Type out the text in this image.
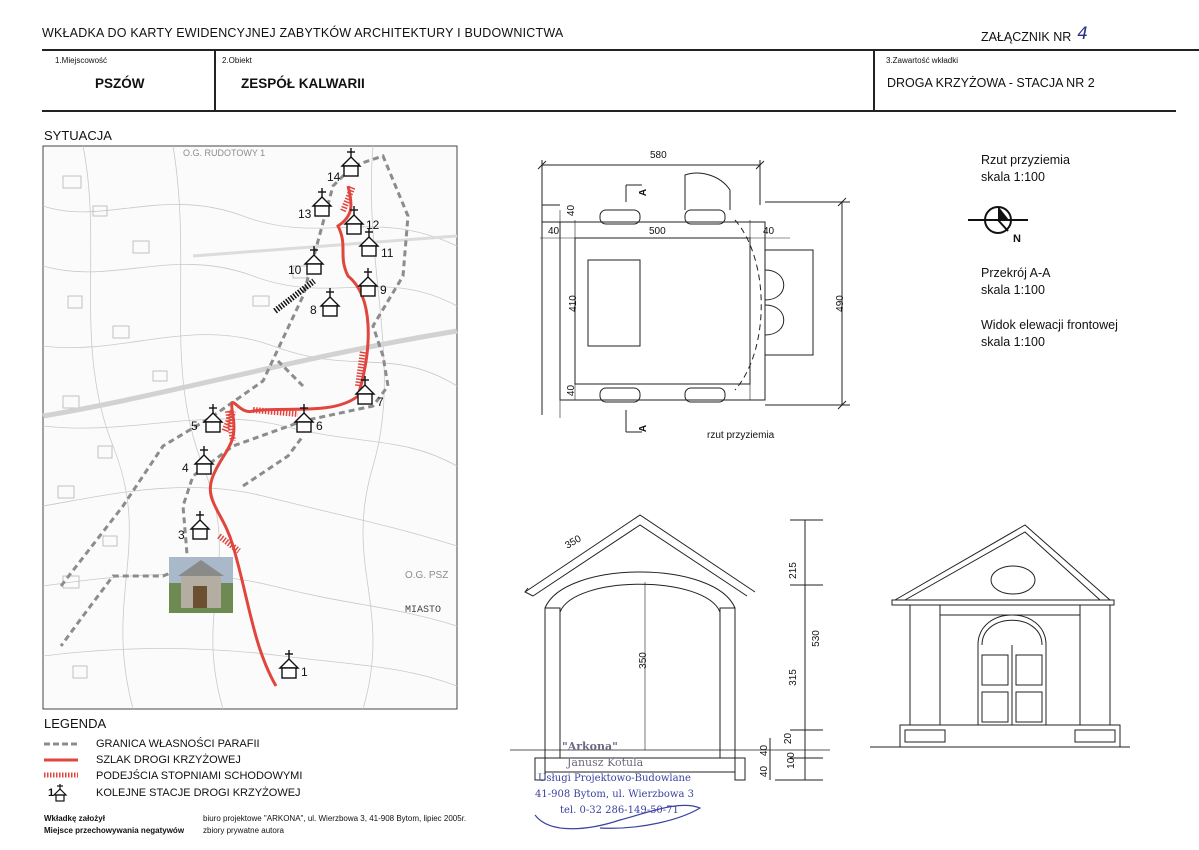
WKŁADKA DO KARTY EWIDENCYJNEJ ZABYTKÓW ARCHITEKTURY I BUDOWNICTWA	ZAŁĄCZNIK NR 4
1.Miejscowość
PSZÓW
2.Obiekt
ZESPÓŁ KALWARII
3.Zawartość wkładki
DROGA KRZYŻOWA - STACJA NR 2
SYTUACJA
O.G. RUDOTOWY 1
O.G. PSZ
MIASTO
14
13
12
11
10
9
8
7
6
5
4
3
1
LEGENDA
1
GRANICA WŁASNOŚCI PARAFII
SZLAK DROGI KRZYŻOWEJ
PODEJŚCIA STOPNIAMI SCHODOWYMI
KOLEJNE STACJE DROGI KRZYŻOWEJ
Wkładkę założył	biuro projektowe "ARKONA", ul. Wierzbowa 3, 41-908 Bytom, lipiec 2005r.
Miejsce przechowywania negatywów zbiory prywatne autora
580
500
40	40
40
40
410	490
A
A
rzut przyziemia
Rzut przyziemia
skala 1:100
N
Przekrój A-A
skala 1:100
Widok elewacji frontowej
skala 1:100
350
350
215
530
315
20
40
40
100
"Arkona"
Janusz Kotula
Usługi Projektowo-Budowlane
41-908 Bytom, ul. Wierzbowa 3
tel. 0-32 286-149-50-71
